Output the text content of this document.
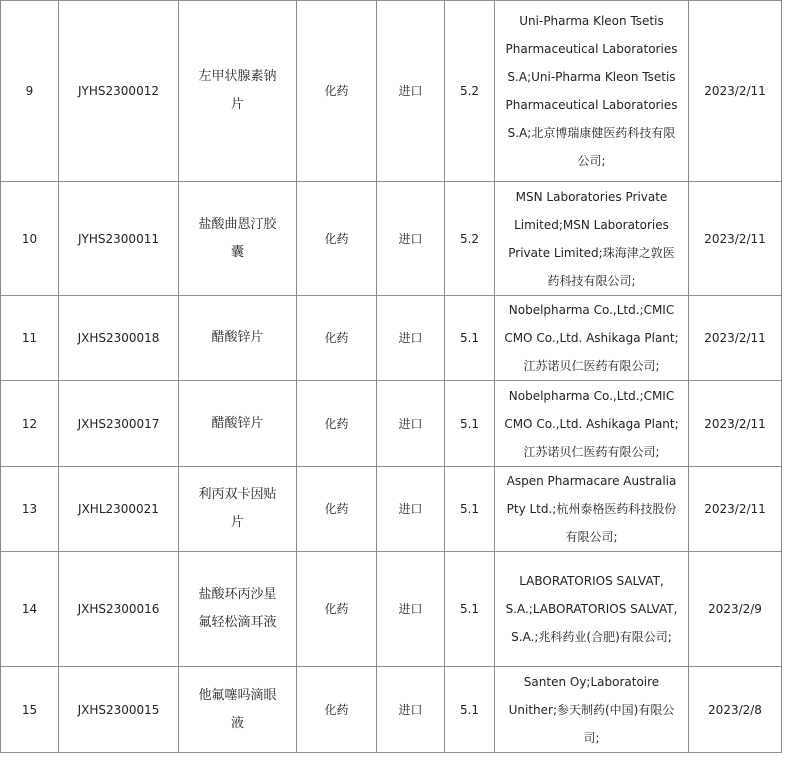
9	JYHS2300012	左甲状腺素钠片	化药	进口	5.2	Uni-Pharma Kleon Tsetis Pharmaceutical Laboratories S.A;Uni-Pharma Kleon Tsetis Pharmaceutical Laboratories S.A;北京博瑞康健医药科技有限公司;	2023/2/11
10	JYHS2300011	盐酸曲恩汀胶囊	化药	进口	5.2	MSN Laboratories Private Limited;MSN Laboratories Private Limited;珠海津之敦医药科技有限公司;	2023/2/11
11	JXHS2300018	醋酸锌片	化药	进口	5.1	Nobelpharma Co.,Ltd.;CMIC CMO Co.,Ltd. Ashikaga Plant;江苏诺贝仁医药有限公司;	2023/2/11
12	JXHS2300017	醋酸锌片	化药	进口	5.1	Nobelpharma Co.,Ltd.;CMIC CMO Co.,Ltd. Ashikaga Plant;江苏诺贝仁医药有限公司;	2023/2/11
13	JXHL2300021	利丙双卡因贴片	化药	进口	5.1	Aspen Pharmacare Australia Pty Ltd.;杭州泰格医药科技股份有限公司;	2023/2/11
14	JXHS2300016	盐酸环丙沙星氟轻松滴耳液	化药	进口	5.1	LABORATORIOS SALVAT, S.A.;LABORATORIOS SALVAT, S.A.;兆科药业(合肥)有限公司;	2023/2/9
15	JXHS2300015	他氟噻吗滴眼液	化药	进口	5.1	Santen Oy;Laboratoire Unither;参天制药(中国)有限公司;	2023/2/8
